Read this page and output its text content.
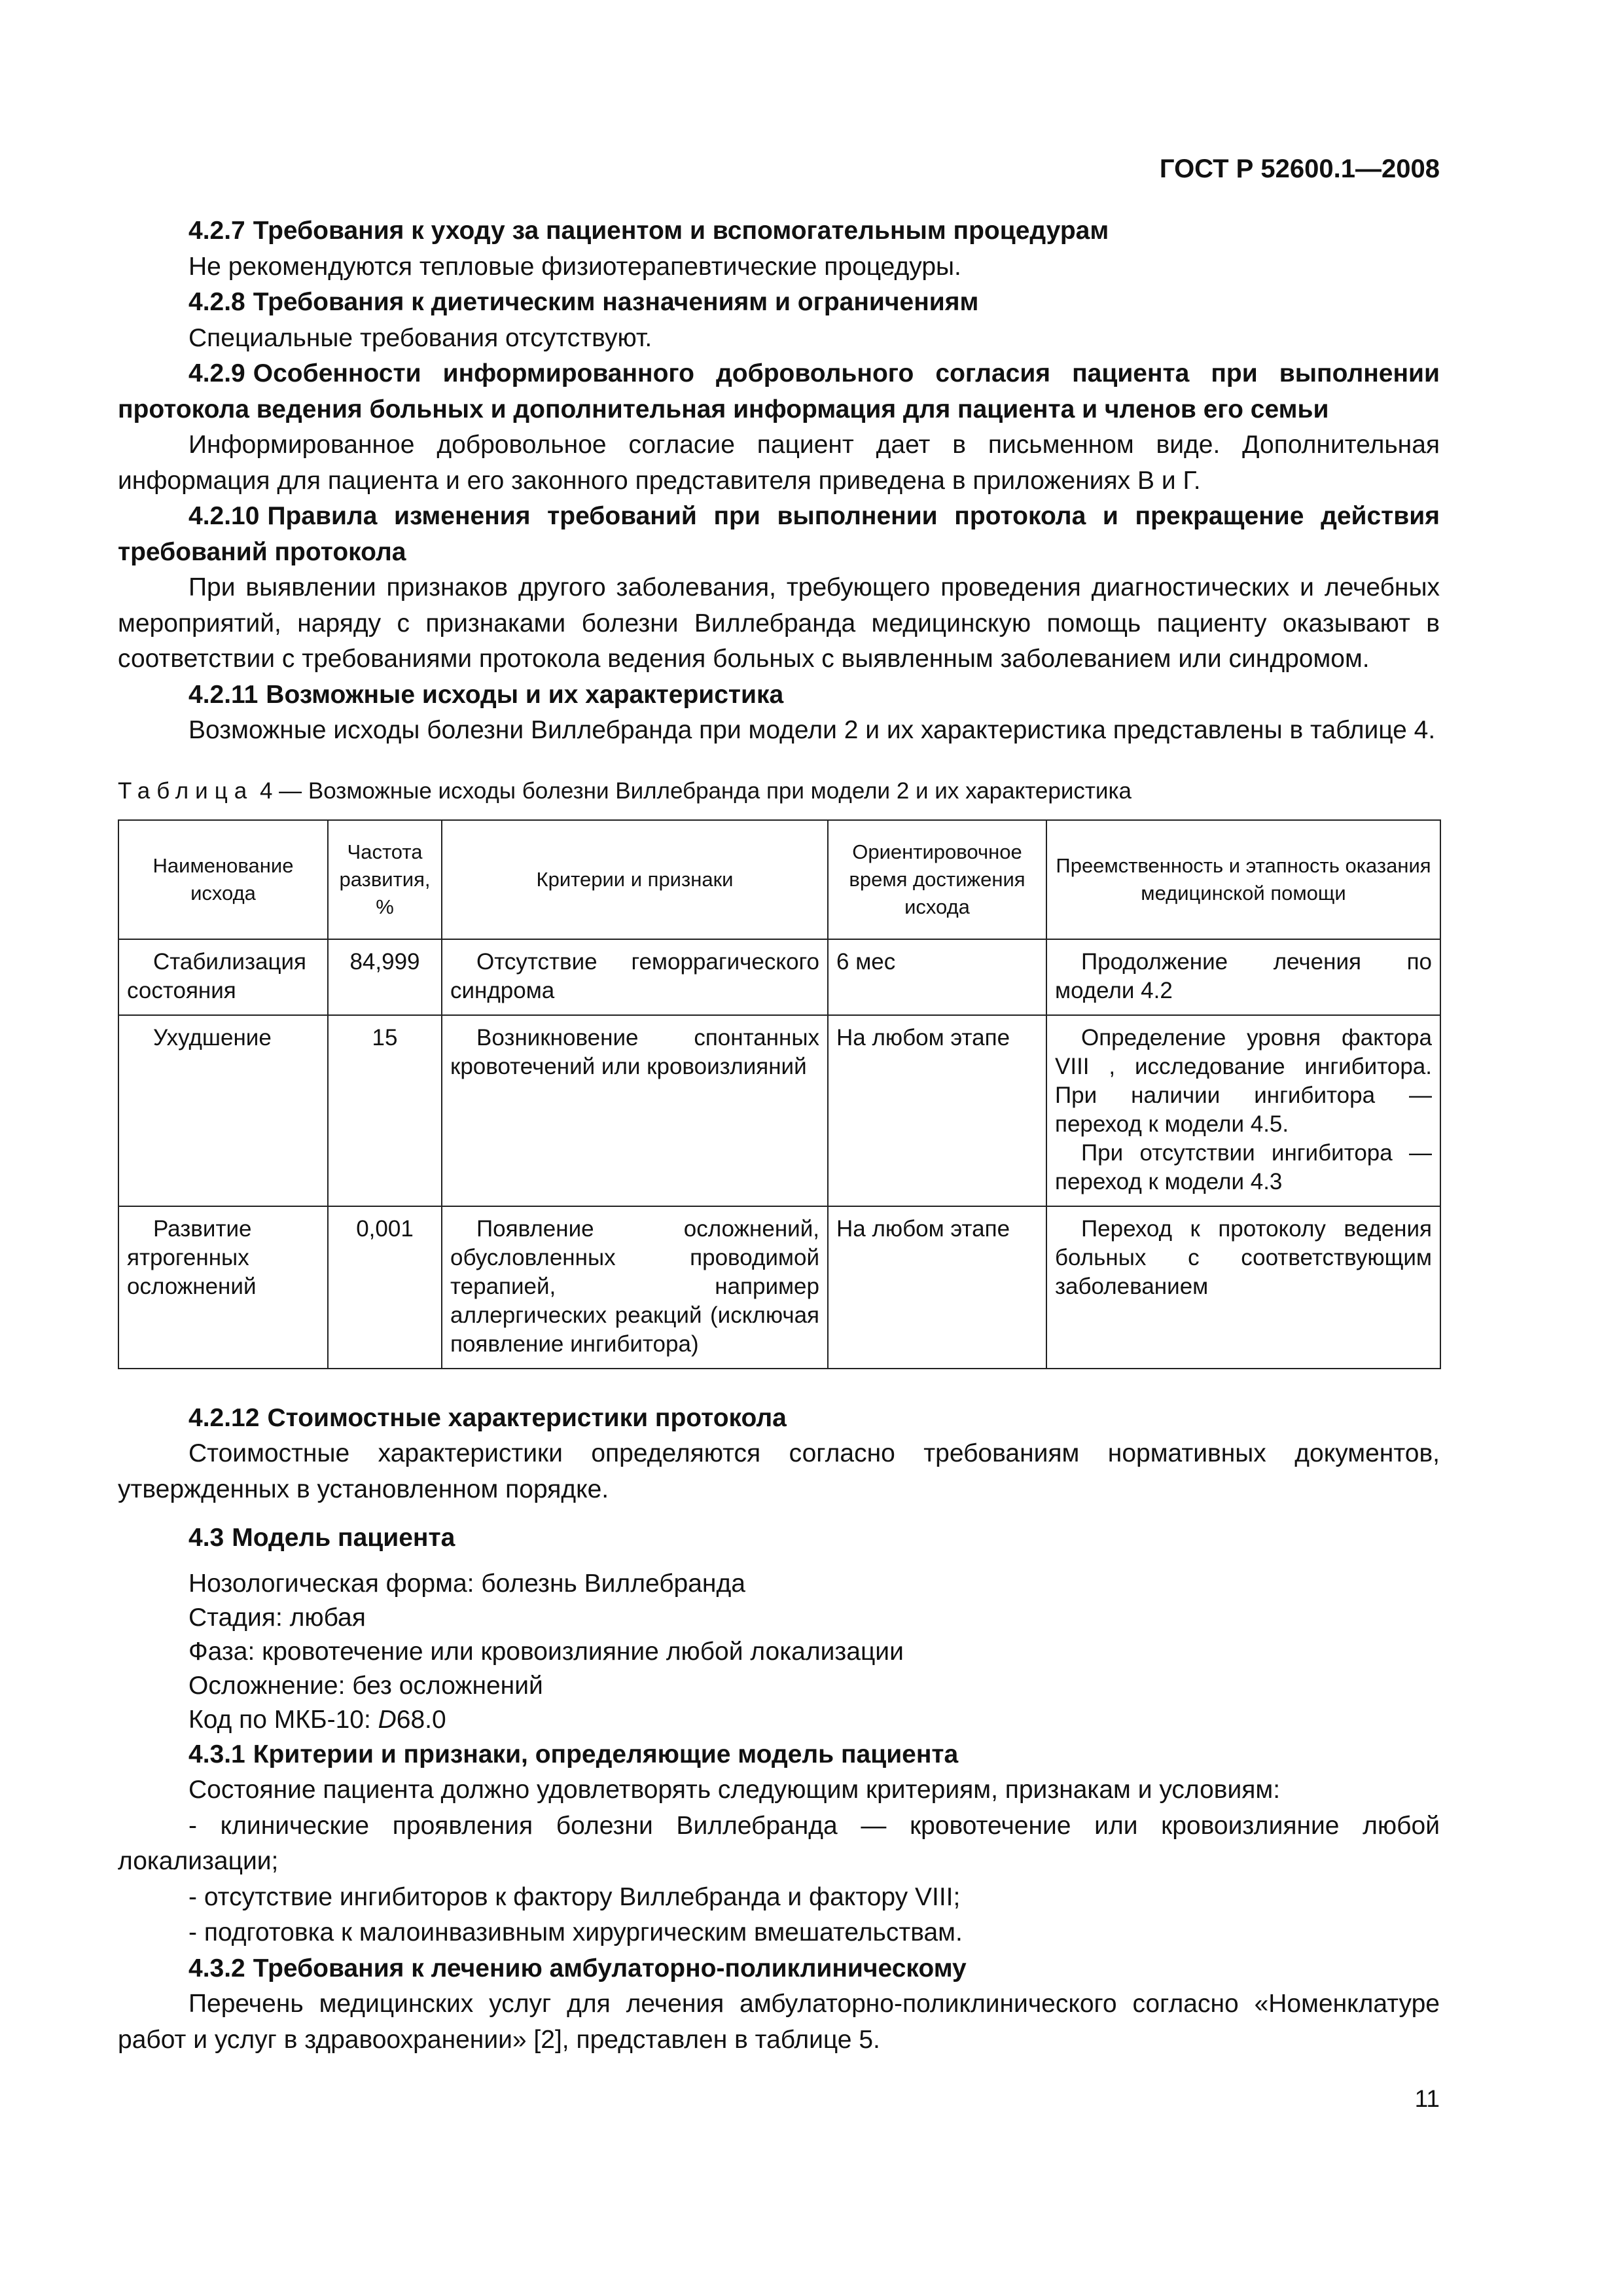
ГОСТ Р 52600.1—2008

4.2.7 Требования к уходу за пациентом и вспомогательным процедурам

Не рекомендуются тепловые физиотерапевтические процедуры.

4.2.8 Требования к диетическим назначениям и ограничениям

Специальные требования отсутствуют.

4.2.9 Особенности информированного добровольного согласия пациента при выполнении протокола ведения больных и дополнительная информация для пациента и членов его семьи

Информированное добровольное согласие пациент дает в письменном виде. Дополнительная информация для пациента и его законного представителя приведена в приложениях В и Г.

4.2.10 Правила изменения требований при выполнении протокола и прекращение действия требований протокола

При выявлении признаков другого заболевания, требующего проведения диагностических и лечебных мероприятий, наряду с признаками болезни Виллебранда медицинскую помощь пациенту оказывают в соответствии с требованиями протокола ведения больных с выявленным заболеванием или синдромом.

4.2.11 Возможные исходы и их характеристика

Возможные исходы болезни Виллебранда при модели 2 и их характеристика представлены в таблице 4.

Таблица 4 — Возможные исходы болезни Виллебранда при модели 2 и их характеристика
Наименование исхода	Частота развития, %	Критерии и признаки	Ориентировочное время достижения исхода	Преемственность и этапность оказания медицинской помощи
Стабилизация состояния	84,999	Отсутствие геморрагического синдрома	6 мес	Продолжение лечения по модели 4.2

Ухудшение	15	Возникновение спонтанных кровотечений или кровоизлияний	На любом этапе	Определение уровня фактора VIII , исследование ингибитора. При наличии ингибитора — переход к модели 4.5.
При отсутствии ингибитора — переход к модели 4.3

Развитие ятрогенных осложнений	0,001	Появление осложнений, обусловленных проводимой терапией, например аллергических реакций (исключая появление ингибитора)	На любом этапе	Переход к протоколу ведения больных с соответствующим заболеванием

4.2.12 Стоимостные характеристики протокола

Стоимостные характеристики определяются согласно требованиям нормативных документов, утвержденных в установленном порядке.

4.3 Модель пациента

Нозологическая форма: болезнь Виллебранда

Стадия: любая

Фаза: кровотечение или кровоизлияние любой локализации

Осложнение: без осложнений

Код по МКБ-10: D68.0

4.3.1 Критерии и признаки, определяющие модель пациента

Состояние пациента должно удовлетворять следующим критериям, признакам и условиям:

- клинические проявления болезни Виллебранда — кровотечение или кровоизлияние любой локализации;

- отсутствие ингибиторов к фактору Виллебранда и фактору VIII;

- подготовка к малоинвазивным хирургическим вмешательствам.

4.3.2 Требования к лечению амбулаторно-поликлиническому

Перечень медицинских услуг для лечения амбулаторно-поликлинического согласно «Номенклатуре работ и услуг в здравоохранении» [2], представлен в таблице 5.

11
